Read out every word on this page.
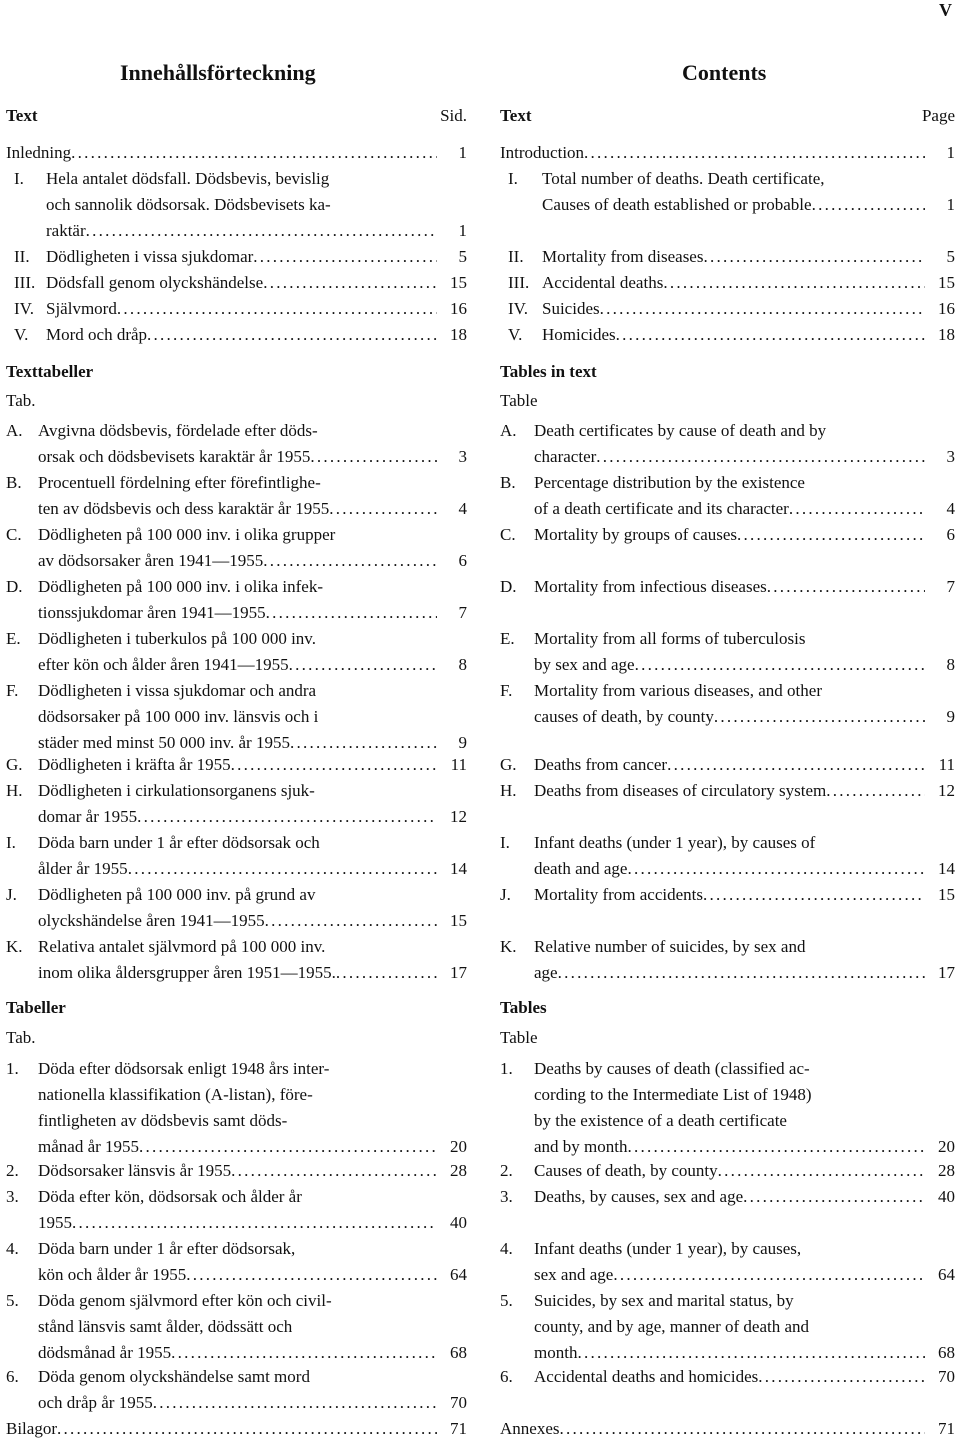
V
Innehållsförteckning
Text	Sid.
Texttabeller
Tab.
Tabeller
Tab.
Inledning . . .	1
I.	Hela antalet dödsfall. Dödsbevis, bevislig
och sannolik dödsorsak. Dödsbevisets ka-
raktär . . .	1
II. Dödligheten i vissa sjukdomar . . .	5
III. Dödsfall genom olyckshändelse . . .	15
IV. Självmord . . .	16
V.	Mord och dråp . . .	18
A. Avgivna dödsbevis, fördelade efter döds-
orsak och dödsbevisets karaktär år 1955 . . .	3
B. Procentuell fördelning efter förefintlighe-
ten av dödsbevis och dess karaktär år 1955 . . .	4
C. Dödligheten på 100 000 inv. i olika grupper
av dödsorsaker åren 1941—1955 . . .	6
D. Dödligheten på 100 000 inv. i olika infek-
tionssjukdomar åren 1941—1955 . . .	7
E.	Dödligheten i tuberkulos på 100 000 inv.
efter kön och ålder åren 1941—1955 . . .	8
F.	Dödligheten i vissa sjukdomar och andra
dödsorsaker på 100 000 inv. länsvis och i
städer med minst 50 000 inv. år 1955 . . .	9
G. Dödligheten i kräfta år 1955 . . .	11
H. Dödligheten i cirkulationsorganens sjuk-
domar år 1955 . . .	12
I.	Döda barn under 1 år efter dödsorsak och
ålder år 1955 . . .	14
J.	Dödligheten på 100 000 inv. på grund av
olyckshändelse åren 1941—1955 . . .	15
K. Relativa antalet självmord på 100 000 inv.
inom olika åldersgrupper åren 1951—1955. . . .	17
1.	Döda efter dödsorsak enligt 1948 års inter-
nationella klassifikation (A-listan), före-
fintligheten av dödsbevis samt döds-
månad år 1955 . . .	20
2.	Dödsorsaker länsvis år 1955 . . .	28
3.	Döda efter kön, dödsorsak och ålder år
1955 . . .	40
4.	Döda barn under 1 år efter dödsorsak,
kön och ålder år 1955 . . .	64
5.	Döda genom självmord efter kön och civil-
stånd länsvis samt ålder, dödssätt och
dödsmånad år 1955 . . .	68
6.	Döda genom olyckshändelse samt mord
och dråp år 1955 . . .	70
Bilagor . . .	71
Contents
Text	Page
Tables in text
Table
Tables
Table
Introduction . . .	1
I.	Total number of deaths. Death certificate,
Causes of death established or probable . . .	1
II.	Mortality from diseases . . .	5
III. Accidental deaths . . .	15
IV. Suicides . . .	16
V.	Homicides . . .	18
A.	Death certificates by cause of death and by
character . . .	3
B.	Percentage distribution by the existence
of a death certificate and its character . . .	4
C.	Mortality by groups of causes . . .	6
D.	Mortality from infectious diseases . . .	7
E.	Mortality from all forms of tuberculosis
by sex and age . . .	8
F.	Mortality from various diseases, and other
causes of death, by county . . .	9
G.	Deaths from cancer . . .	11
H.	Deaths from diseases of circulatory system . . .	12
I.	Infant deaths (under 1 year), by causes of
death and age . . .	14
J.	Mortality from accidents . . .	15
K.	Relative number of suicides, by sex and
age . . .	17
1.	Deaths by causes of death (classified ac-
cording to the Intermediate List of 1948)
by the existence of a death certificate
and by month . . .	20
2.	Causes of death, by county . . .	28
3.	Deaths, by causes, sex and age . . .	40
4.	Infant deaths (under 1 year), by causes,
sex and age . . .	64
5.	Suicides, by sex and marital status, by
county, and by age, manner of death and
month . . .	68
6.	Accidental deaths and homicides . . .	70
Annexes . . .	71
